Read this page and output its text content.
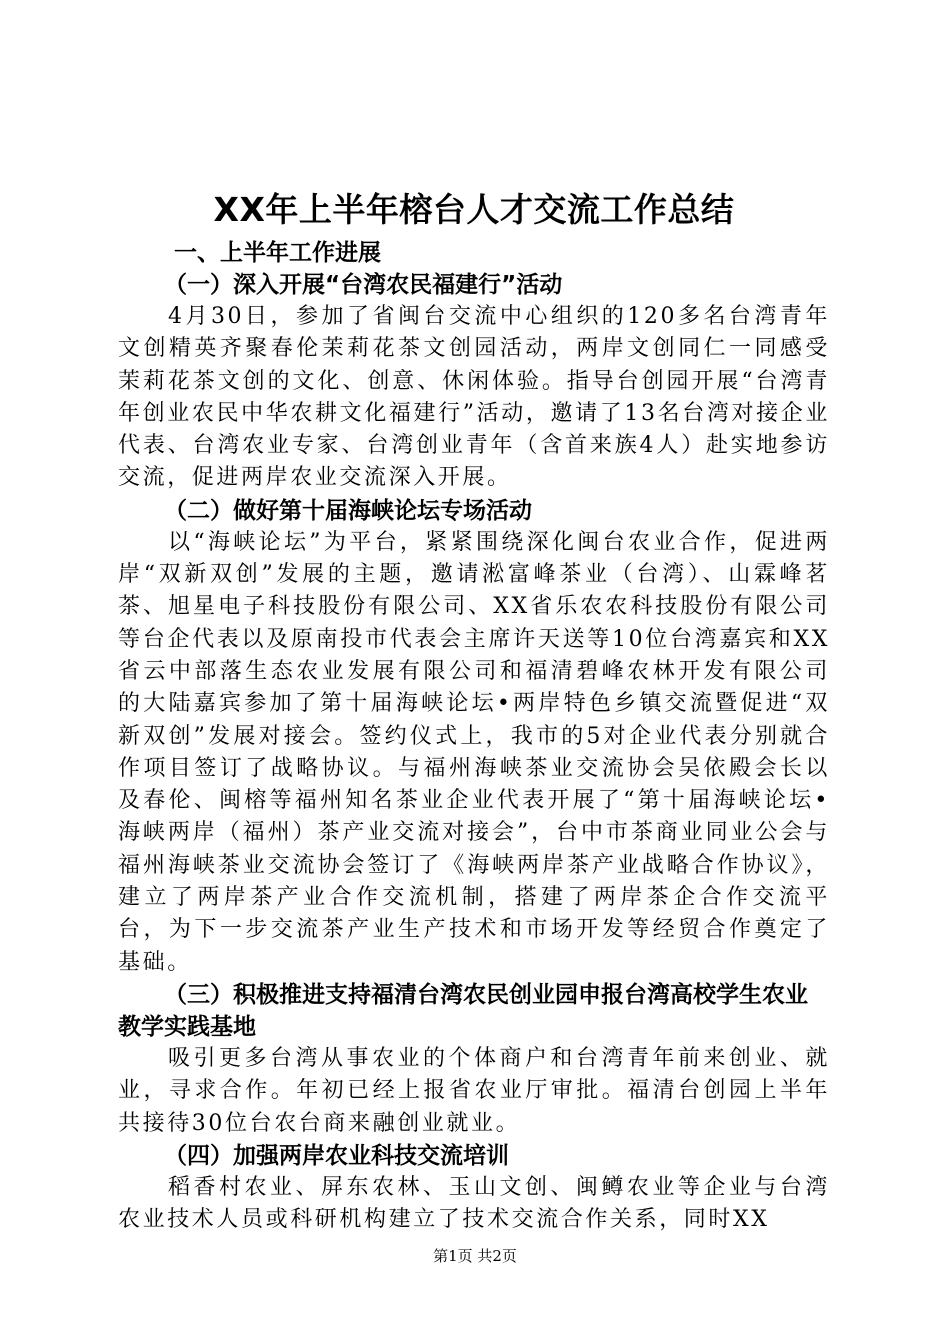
XX年上半年榕台人才交流工作总结
一、上半年工作进展
（一）深入开展“台湾农民福建行”活动

4月30日，参加了省闽台交流中心组织的120多名台湾青年文创精英齐聚春伦茉莉花茶文创园活动，两岸文创同仁一同感受茉莉花茶文创的文化、创意、休闲体验。指导台创园开展“台湾青年创业农民中华农耕文化福建行”活动，邀请了13名台湾对接企业代表、台湾农业专家、台湾创业青年（含首来族4人）赴实地参访交流，促进两岸农业交流深入开展。

（二）做好第十届海峡论坛专场活动

以“海峡论坛”为平台，紧紧围绕深化闽台农业合作，促进两岸“双新双创”发展的主题，邀请淞富峰茶业（台湾）、山霖峰茗茶、旭星电子科技股份有限公司、XX省乐农农科技股份有限公司等台企代表以及原南投市代表会主席许天送等10位台湾嘉宾和XX省云中部落生态农业发展有限公司和福清碧峰农林开发有限公司的大陆嘉宾参加了第十届海峡论坛•两岸特色乡镇交流暨促进“双新双创”发展对接会。签约仪式上，我市的5对企业代表分别就合作项目签订了战略协议。与福州海峡茶业交流协会吴依殿会长以及春伦、闽榕等福州知名茶业企业代表开展了“第十届海峡论坛•海峡两岸（福州）茶产业交流对接会”，台中市茶商业同业公会与福州海峡茶业交流协会签订了《海峡两岸茶产业战略合作协议》，建立了两岸茶产业合作交流机制，搭建了两岸茶企合作交流平台，为下一步交流茶产业生产技术和市场开发等经贸合作奠定了基础。

（三）积极推进支持福清台湾农民创业园申报台湾高校学生农业教学实践基地

吸引更多台湾从事农业的个体商户和台湾青年前来创业、就业，寻求合作。年初已经上报省农业厅审批。福清台创园上半年共接待30位台农台商来融创业就业。

（四）加强两岸农业科技交流培训

稻香村农业、屏东农林、玉山文创、闽鳟农业等企业与台湾农业技术人员或科研机构建立了技术交流合作关系，同时XX

第1页 共2页
